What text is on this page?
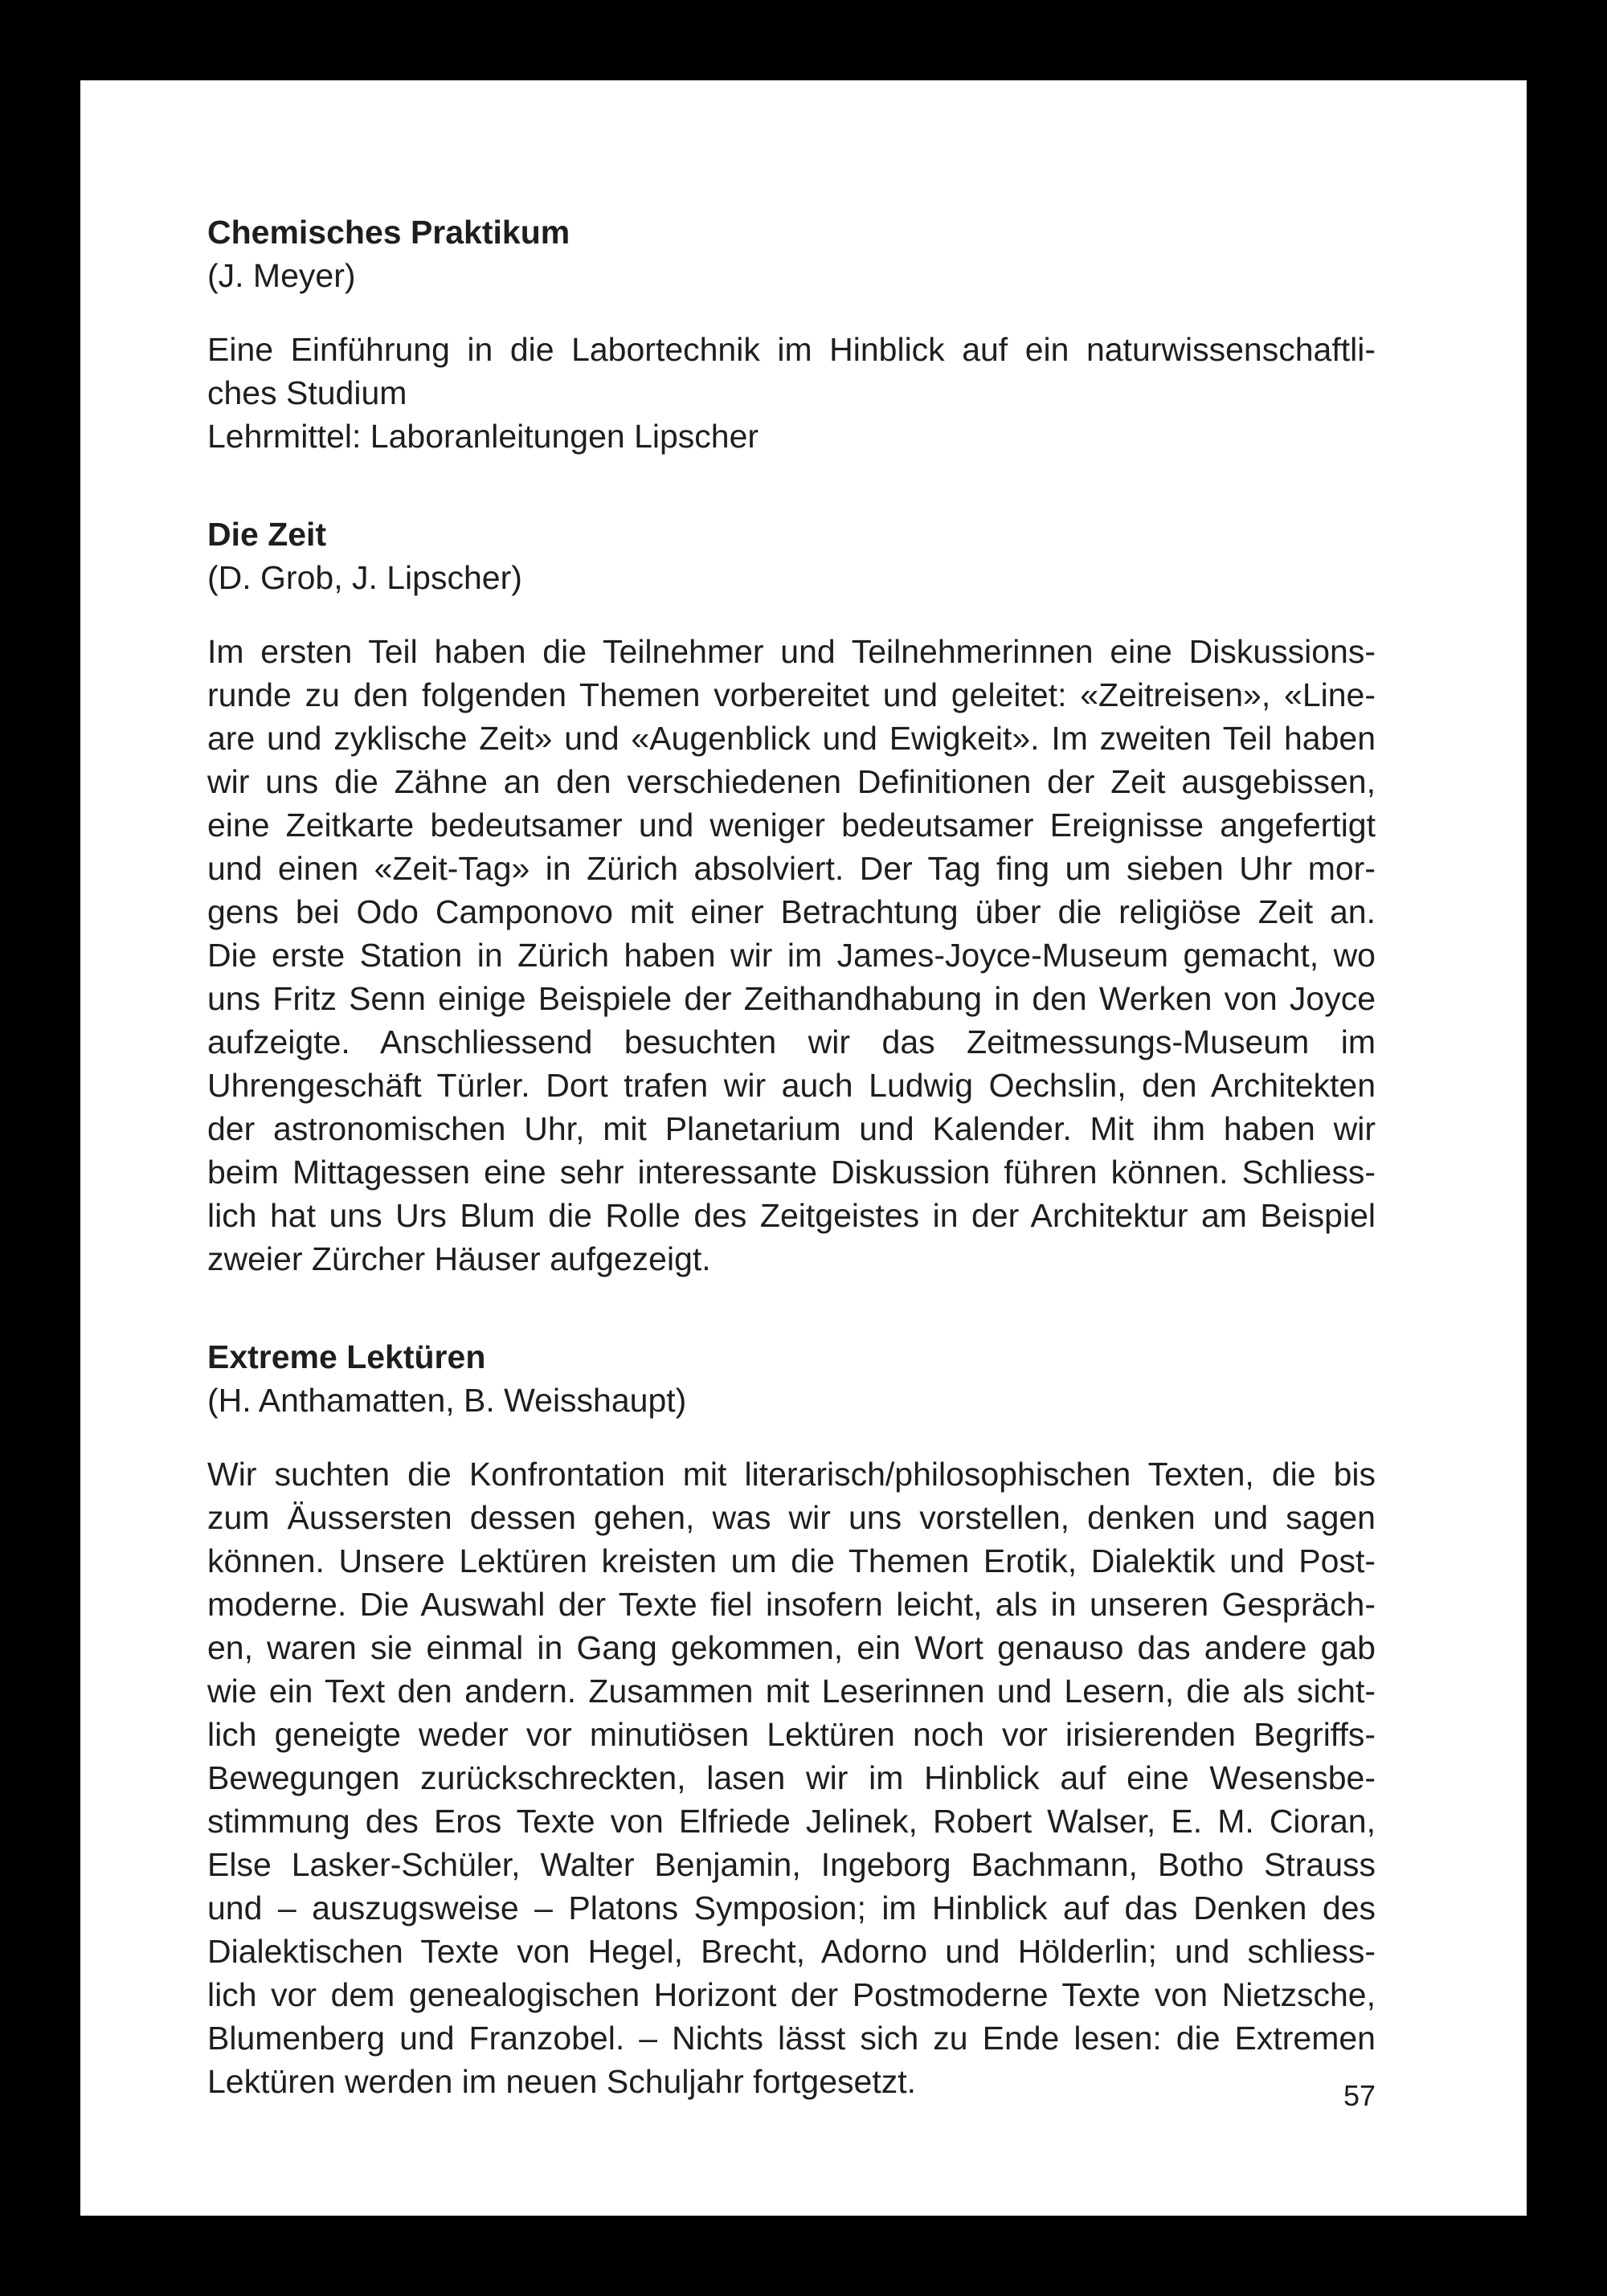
Chemisches Praktikum

(J. Meyer)

Eine Einführung in die Labortechnik im Hinblick auf ein naturwissenschaftli-
ches Studium
Lehrmittel: Laboranleitungen Lipscher
Die Zeit

(D. Grob, J. Lipscher)

Im ersten Teil haben die Teilnehmer und Teilnehmerinnen eine Diskussions-
runde zu den folgenden Themen vorbereitet und geleitet: «Zeitreisen», «Line-
are und zyklische Zeit» und «Augenblick und Ewigkeit». Im zweiten Teil haben
wir uns die Zähne an den verschiedenen Definitionen der Zeit ausgebissen,
eine Zeitkarte bedeutsamer und weniger bedeutsamer Ereignisse angefertigt
und einen «Zeit-Tag» in Zürich absolviert. Der Tag fing um sieben Uhr mor-
gens bei Odo Camponovo mit einer Betrachtung über die religiöse Zeit an.
Die erste Station in Zürich haben wir im James-Joyce-Museum gemacht, wo
uns Fritz Senn einige Beispiele der Zeithandhabung in den Werken von Joyce
aufzeigte. Anschliessend besuchten wir das Zeitmessungs-Museum im
Uhrengeschäft Türler. Dort trafen wir auch Ludwig Oechslin, den Architekten
der astronomischen Uhr, mit Planetarium und Kalender. Mit ihm haben wir
beim Mittagessen eine sehr interessante Diskussion führen können. Schliess-
lich hat uns Urs Blum die Rolle des Zeitgeistes in der Architektur am Beispiel
zweier Zürcher Häuser aufgezeigt.
Extreme Lektüren

(H. Anthamatten, B. Weisshaupt)

Wir suchten die Konfrontation mit literarisch/philosophischen Texten, die bis
zum Äussersten dessen gehen, was wir uns vorstellen, denken und sagen
können. Unsere Lektüren kreisten um die Themen Erotik, Dialektik und Post-
moderne. Die Auswahl der Texte fiel insofern leicht, als in unseren Gespräch-
en, waren sie einmal in Gang gekommen, ein Wort genauso das andere gab
wie ein Text den andern. Zusammen mit Leserinnen und Lesern, die als sicht-
lich geneigte weder vor minutiösen Lektüren noch vor irisierenden Begriffs-
Bewegungen zurückschreckten, lasen wir im Hinblick auf eine Wesensbe-
stimmung des Eros Texte von Elfriede Jelinek, Robert Walser, E. M. Cioran,
Else Lasker-Schüler, Walter Benjamin, Ingeborg Bachmann, Botho Strauss
und – auszugsweise – Platons Symposion; im Hinblick auf das Denken des
Dialektischen Texte von Hegel, Brecht, Adorno und Hölderlin; und schliess-
lich vor dem genealogischen Horizont der Postmoderne Texte von Nietzsche,
Blumenberg und Franzobel. – Nichts lässt sich zu Ende lesen: die Extremen
Lektüren werden im neuen Schuljahr fortgesetzt.	57
